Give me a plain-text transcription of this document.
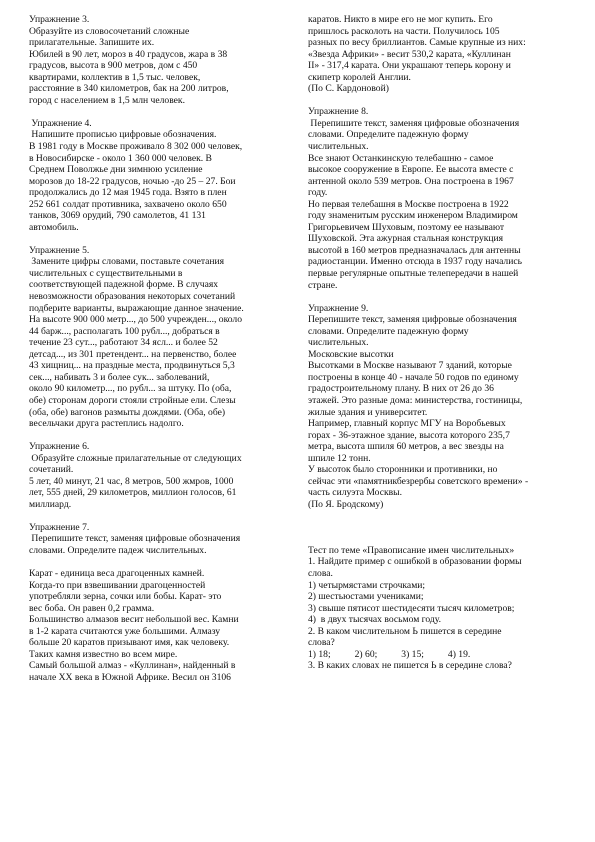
Упражнение 3.
Образуйте из словосочетаний сложные
прилагательные. Запишите их.
Юбилей в 90 лет, мороз в 40 градусов, жара в 38
градусов, высота в 900 метров, дом с 450
квартирами, коллектив в 1,5 тыс. человек,
расстояние в 340 километров, бак на 200 литров,
город с населением в 1,5 млн человек.
Упражнение 4.
Напишите прописью цифровые обозначения.
В 1981 году в Москве проживало 8 302 000 человек,
в Новосибирске - около 1 360 000 человек. В
Среднем Поволжье дни зимнюю усиление
морозов до 18-22 градусов, ночью -до 25 – 27. Бои
продолжались до 12 мая 1945 года. Взято в плен
252 661 солдат противника, захвачено около 650
танков, 3069 орудий, 790 самолетов, 41 131
автомобиль.
Упражнение 5.
Замените цифры словами, поставьте сочетания
числительных с существительными в
соответствующей падежной форме. В случаях
невозможности образования некоторых сочетаний
подберите варианты, выражающие данное значение.
На высоте 900 000 метр..., до 500 учрежден..., около
44 барж..., располагать 100 рубл..., добраться в
течение 23 сут..., работают 34 ясл... и более 52
детсад..., из 301 претендент... на первенство, более
43 хищниц... на праздные места, продвинуться 5,3
сек..., набивать 3 и более сук... заболеваний,
около 90 километр..., по рубл... за штуку. По (оба,
обе) сторонам дороги стояли стройные ели. Слезы
(оба, обе) вагонов размыты дождями. (Оба, обе)
весельчаки друга растеплись надолго.
Упражнение 6.
Образуйте сложные прилагательные от следующих
сочетаний.
5 лет, 40 минут, 21 час, 8 метров, 500 жмров, 1000
лет, 555 дней, 29 километров, миллион голосов, 61
миллиард.
Упражнение 7.
Перепишите текст, заменяя цифровые обозначения
словами. Определите падеж числительных.

Карат - единица веса драгоценных камней.
Когда-то при взвешивании драгоценностей
употребляли зерна, сочки или бобы. Карат- это
вес боба. Он равен 0,2 грамма.
Большинство алмазов весит небольшой вес. Камни
в 1-2 карата считаются уже большими. Алмазу
больше 20 каратов призывают имя, как человеку.
Таких камня известно во всем мире.
Самый большой алмаз - «Куллинан», найденный в
начале XX века в Южной Африке. Весил он 3106
каратов. Никто в мире его не мог купить. Его
пришлось расколоть на части. Получилось 105
разных по весу бриллиантов. Самые крупные из них:
«Звезда Африки» - весит 530,2 карата, «Куллинан
II» - 317,4 карата. Они украшают теперь корону и
скипетр королей Англии.
(По С. Кардоновой)
Упражнение 8.
Перепишите текст, заменяя цифровые обозначения
словами. Определите падежную форму
числительных.
Все знают Останкинскую телебашню - самое
высокое сооружение в Европе. Ее высота вместе с
антенной около 539 метров. Она построена в 1967
году.
Но первая телебашня в Москве построена в 1922
году знаменитым русским инженером Владимиром
Григорьевичем Шуховым, поэтому ее называют
Шуховской. Эта ажурная стальная конструкция
высотой в 160 метров предназначалась для антенны
радиостанции. Именно отсюда в 1937 году начались
первые регулярные опытные телепередачи в нашей
стране.
Упражнение 9.
Перепишите текст, заменяя цифровые обозначения
словами. Определите падежную форму
числительных.
Московские высотки
Высотками в Москве называют 7 зданий, которые
построены в конце 40 - начале 50 годов по единому
градостроительному плану. В них от 26 до 36
этажей. Это разные дома: министерства, гостиницы,
жилые здания и университет.
Например, главный корпус МГУ на Воробьевых
горах - 36-этажное здание, высота которого 235,7
метра, высота шпиля 60 метров, а вес звезды на
шпиле 12 тонн.
У высоток было сторонники и противники, но
сейчас эти «памятникбезрербы советского времени» -
часть силуэта Москвы.
(По Я. Бродскому)
Тест по теме «Правописание имен числительных»
1. Найдите пример с ошибкой в образовании формы
слова.
1) четырмястами строчками;
2) шестьюстами учениками;
3) свыше пятисот шестидесяти тысяч километров;
4)  в двух тысячах восьмом году.
2. В каком числительном Ь пишется в середине
слова?
1) 18;          2) 60;          3) 15;          4) 19.
3. В каких словах не пишется Ь в середине слова?
